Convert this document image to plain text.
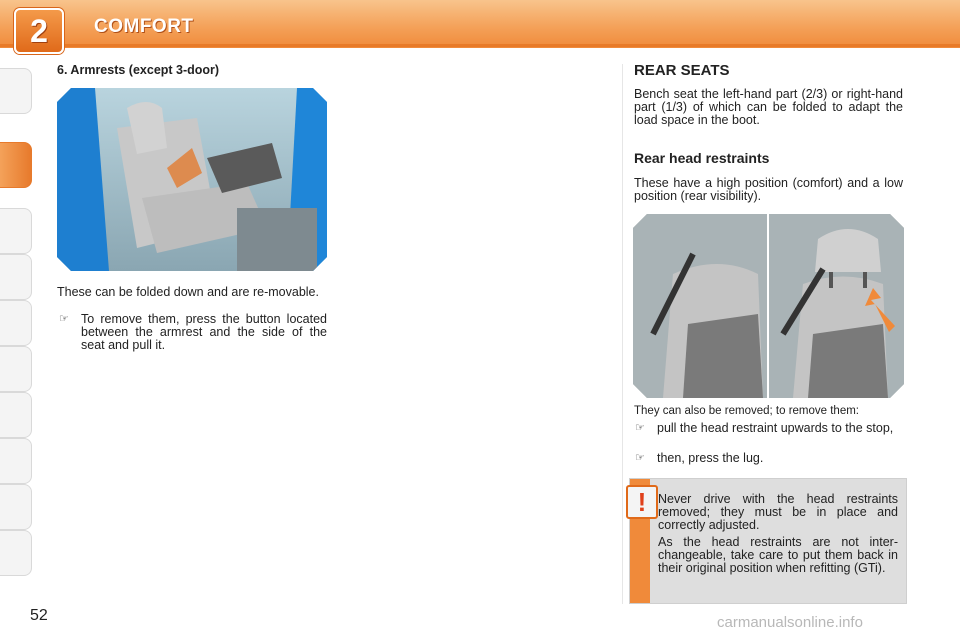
2	COMFORT
6. Armrests (except 3-door)
These can be folded down and are re-movable.
☞ To remove them, press the button located between the armrest and the side of the seat and pull it.
REAR SEATS
Bench seat the left-hand part (2/3) or right-hand part (1/3) of which can be folded to adapt the load space in the boot.
Rear head restraints
These have a high position (comfort) and a low position (rear visibility).
They can also be removed; to remove them:
☞ pull the head restraint upwards to the stop,
☞ then, press the lug.
! Never drive with the head restraints removed; they must be in place and correctly adjusted.
As the head restraints are not inter-changeable, take care to put them back in their original position when refitting (GTi).
52	carmanualsonline.info
